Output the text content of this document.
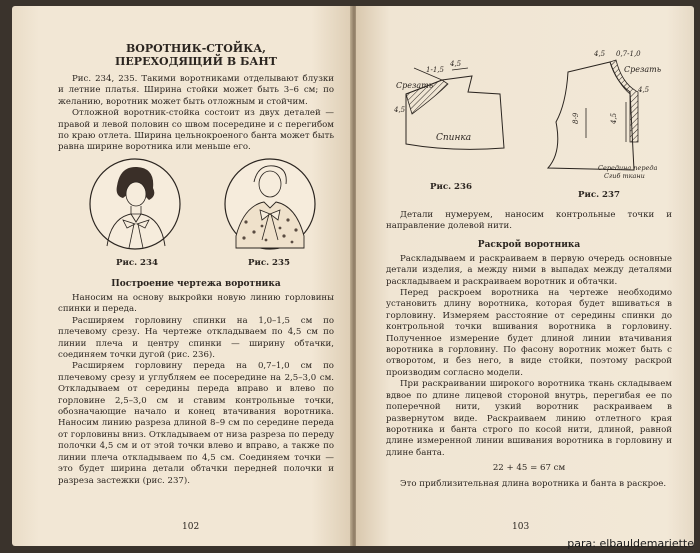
ВОРОТНИК-СТОЙКА,

ПЕРЕХОДЯЩИЙ В БАНТ

Рис. 234, 235. Такими воротниками отделывают блузки и летние платья. Ширина стойки может быть 3–6 см; по желанию, воротник может быть отложным и стойчим.

Отложной воротник-стойка состоит из двух деталей — правой и левой половин со швом посередине и с перегибом по краю отлета. Ширина цельнокроеного банта может быть равна ширине воротника или меньше его.

Рис. 234	Рис. 235

Построение чертежа воротника

Наносим на основу выкройки новую линию горловины спинки и переда.

Расширяем горловину спинки на 1,0–1,5 см по плечевому срезу. На чертеже откладываем по 4,5 см по линии плеча и центру спинки — ширину обтачки, соединяем точки дугой (рис. 236).

Расширяем горловину переда на 0,7–1,0 см по плечевому срезу и углубляем ее посередине на 2,5–3,0 см. Откладываем от середины переда вправо и влево по горловине 2,5–3,0 см и ставим контрольные точки, обозначающие начало и конец втачивания воротника. Наносим линию разреза длиной 8–9 см по середине переда от горловины вниз. Откладываем от низа разреза по переду полочки 4,5 см и от этой точки влево и вправо, а также по линии плеча откладываем по 4,5 см. Соединяем точки — это будет ширина детали обтачки передней полочки и разреза застежки (рис. 237).

102
Срезать
1-1,5
4,5
4,5
Спинка
Рис. 236
4,5 0,7-1,0
Срезать
4,5
8-9	4,5
Середина переда
Сгиб ткани
Рис. 237

Детали нумеруем, наносим контрольные точки и направление долевой нити.

Раскрой воротника

Раскладываем и раскраиваем в первую очередь основные детали изделия, а между ними в выпадах между деталями раскладываем и раскраиваем воротник и обтачки.

Перед раскроем воротника на чертеже необходимо установить длину воротника, которая будет вшиваться в горловину. Измеряем расстояние от середины спинки до контрольной точки вшивания воротника в горловину. Полученное измерение будет длиной линии втачивания воротника в горловину. По фасону воротник может быть с отворотом, и без него, в виде стойки, поэтому раскрой производим согласно модели.

При раскраивании широкого воротника ткань складываем вдвое по длине лицевой стороной внутрь, перегибая ее по поперечной нити, узкий воротник раскраиваем в развернутом виде. Раскраиваем линию отлетного края воротника и банта строго по косой нити, длиной, равной длине измеренной линии вшивания воротника в горловину и длине банта.

22 + 45 = 67 см

Это приблизительная длина воротника и банта в раскрое.

103
para: elbauldemariette
